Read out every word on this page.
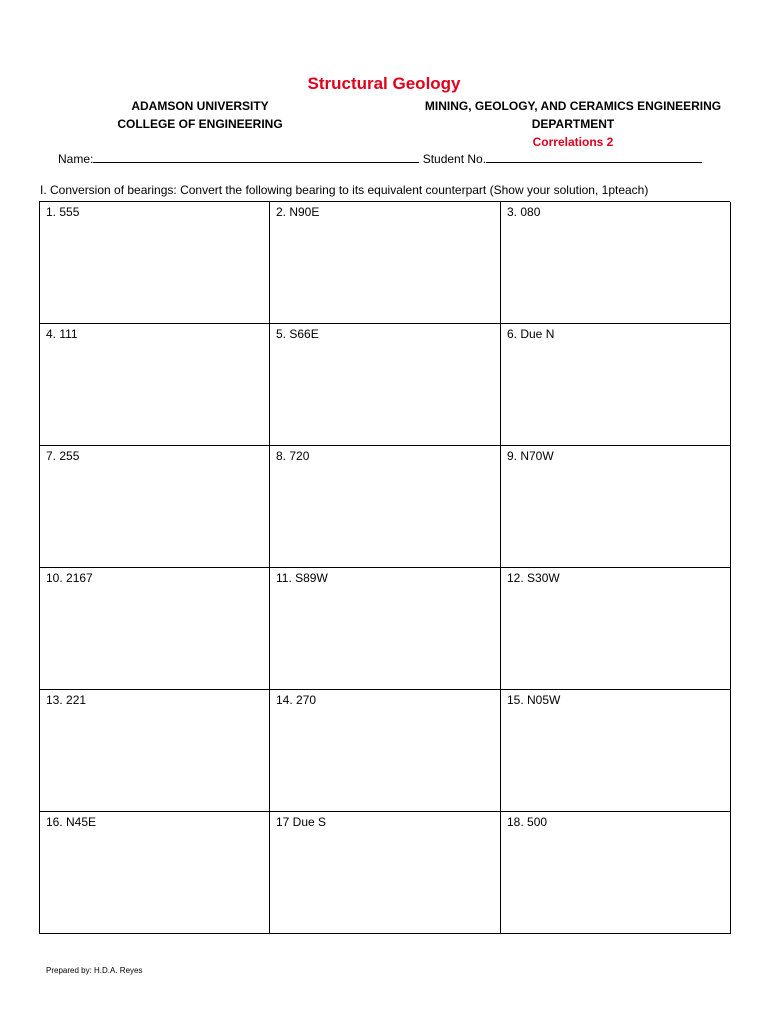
Structural Geology
ADAMSON UNIVERSITY
COLLEGE OF ENGINEERING
MINING, GEOLOGY, AND CERAMICS ENGINEERING
DEPARTMENT
Correlations 2
Name:	Student No.
I. Conversion of bearings: Convert the following bearing to its equivalent counterpart (Show your solution, 1pteach)
1. 555	2. N90E	3. 080
4. 111	5. S66E	6. Due N
7. 255	8. 720	9. N70W
10. 2167	11. S89W	12. S30W
13. 221	14. 270	15. N05W
16. N45E	17 Due S	18. 500
Prepared by: H.D.A. Reyes
